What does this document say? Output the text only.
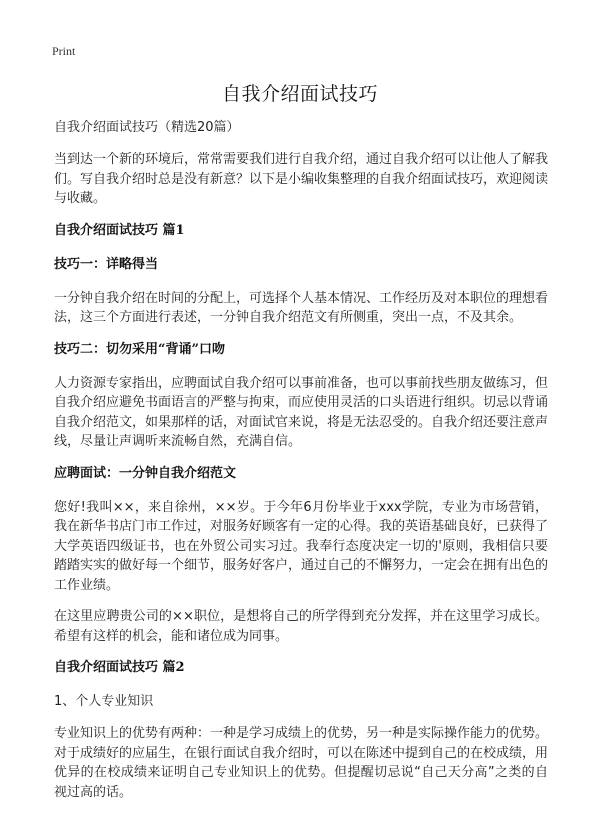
Print
自我介绍面试技巧
自我介绍面试技巧（精选20篇）

当到达一个新的环境后，常常需要我们进行自我介绍，通过自我介绍可以让他人了解我们。写自我介绍时总是没有新意？以下是小编收集整理的自我介绍面试技巧，欢迎阅读与收藏。

自我介绍面试技巧 篇1
技巧一：详略得当

一分钟自我介绍在时间的分配上，可选择个人基本情况、工作经历及对本职位的理想看法，这三个方面进行表述，一分钟自我介绍范文有所侧重，突出一点，不及其余。

技巧二：切勿采用“背诵”口吻

人力资源专家指出，应聘面试自我介绍可以事前准备，也可以事前找些朋友做练习，但自我介绍应避免书面语言的严整与拘束，而应使用灵活的口头语进行组织。切忌以背诵自我介绍范文，如果那样的话，对面试官来说，将是无法忍受的。自我介绍还要注意声线，尽量让声调听来流畅自然，充满自信。

应聘面试：一分钟自我介绍范文

您好!我叫××，来自徐州，××岁。于今年6月份毕业于xxx学院，专业为市场营销，我在新华书店门市工作过，对服务好顾客有一定的心得。我的英语基础良好，已获得了大学英语四级证书，也在外贸公司实习过。我奉行态度决定一切的'原则，我相信只要踏踏实实的做好每一个细节，服务好客户，通过自己的不懈努力，一定会在拥有出色的工作业绩。

在这里应聘贵公司的××职位，是想将自己的所学得到充分发挥，并在这里学习成长。希望有这样的机会，能和诸位成为同事。

自我介绍面试技巧 篇2
1、个人专业知识

专业知识上的优势有两种：一种是学习成绩上的优势，另一种是实际操作能力的优势。对于成绩好的应届生，在银行面试自我介绍时，可以在陈述中提到自己的在校成绩，用优异的在校成绩来证明自己专业知识上的优势。但提醒切忌说“自己天分高”之类的自视过高的话。
